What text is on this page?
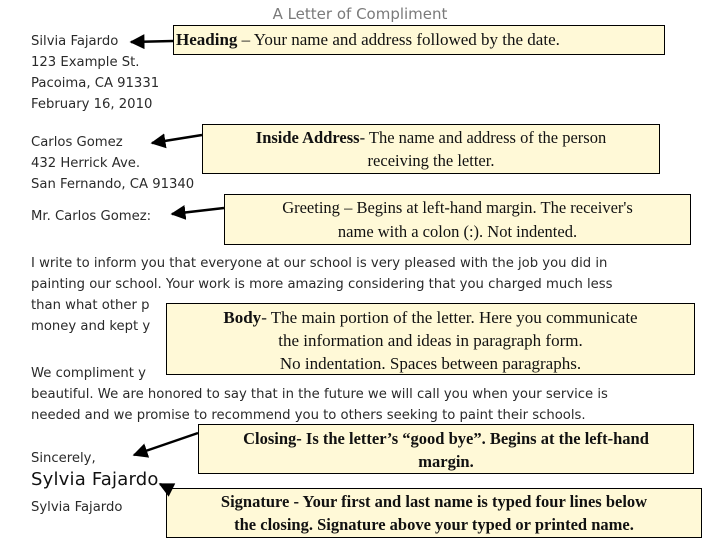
A Letter of Compliment
Silvia Fajardo
123 Example St.
Pacoima, CA 91331
February 16, 2010
Carlos Gomez
432 Herrick Ave.
San Fernando, CA 91340
Mr. Carlos Gomez:
I write to inform you that everyone at our school is very pleased with the job you did in
painting our school. Your work is more amazing considering that you charged much less
than what other p
money and kept y
We compliment y
beautiful. We are honored to say that in the future we will call you when your service is
needed and we promise to recommend you to others seeking to paint their schools.
Sincerely,
Sylvia Fajardo
Sylvia Fajardo
Heading – Your name and address followed by the date.
Inside Address- The name and address of the person
receiving the letter.
Greeting – Begins at left-hand margin. The receiver's
name with a colon (:). Not indented.
Body- The main portion of the letter. Here you communicate
the information and ideas in paragraph form.
No indentation. Spaces between paragraphs.
Closing- Is the letter’s “good bye”. Begins at the left-hand
margin.
Signature - Your first and last name is typed four lines below
the closing. Signature above your typed or printed name.
